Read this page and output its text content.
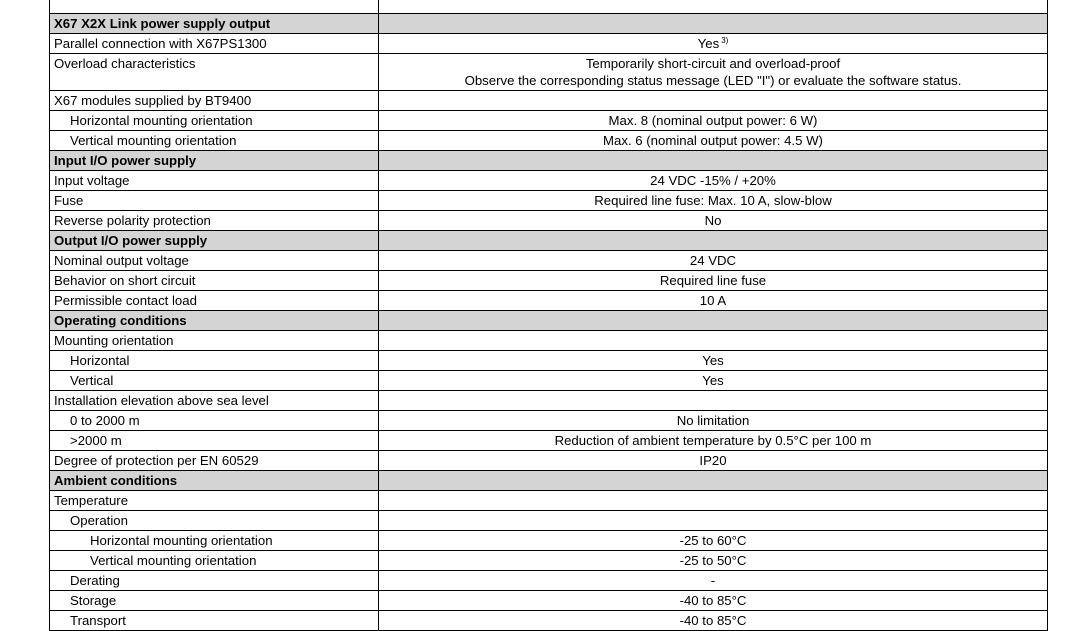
X67 X2X Link power supply output	
Parallel connection with X67PS1300	Yes $^{3)}$
Overload characteristics	Temporarily short-circuit and overload-proof
Observe the corresponding status message (LED "I") or evaluate the software status.

X67 modules supplied by BT9400	
Horizontal mounting orientation	Max. 8 (nominal output power: 6 W)
Vertical mounting orientation	Max. 6 (nominal output power: 4.5 W)
Input I/O power supply	
Input voltage	24 VDC -15% / +20%
Fuse	Required line fuse: Max. 10 A, slow-blow
Reverse polarity protection	No
Output I/O power supply	
Nominal output voltage	24 VDC
Behavior on short circuit	Required line fuse
Permissible contact load	10 A
Operating conditions	
Mounting orientation	
Horizontal	Yes
Vertical	Yes
Installation elevation above sea level	
0 to 2000 m	No limitation
>2000 m	Reduction of ambient temperature by 0.5°C per 100 m
Degree of protection per EN 60529	IP20
Ambient conditions	
Temperature	
Operation	
Horizontal mounting orientation	-25 to 60°C
Vertical mounting orientation	-25 to 50°C
Derating	-
Storage	-40 to 85°C
Transport	-40 to 85°C
